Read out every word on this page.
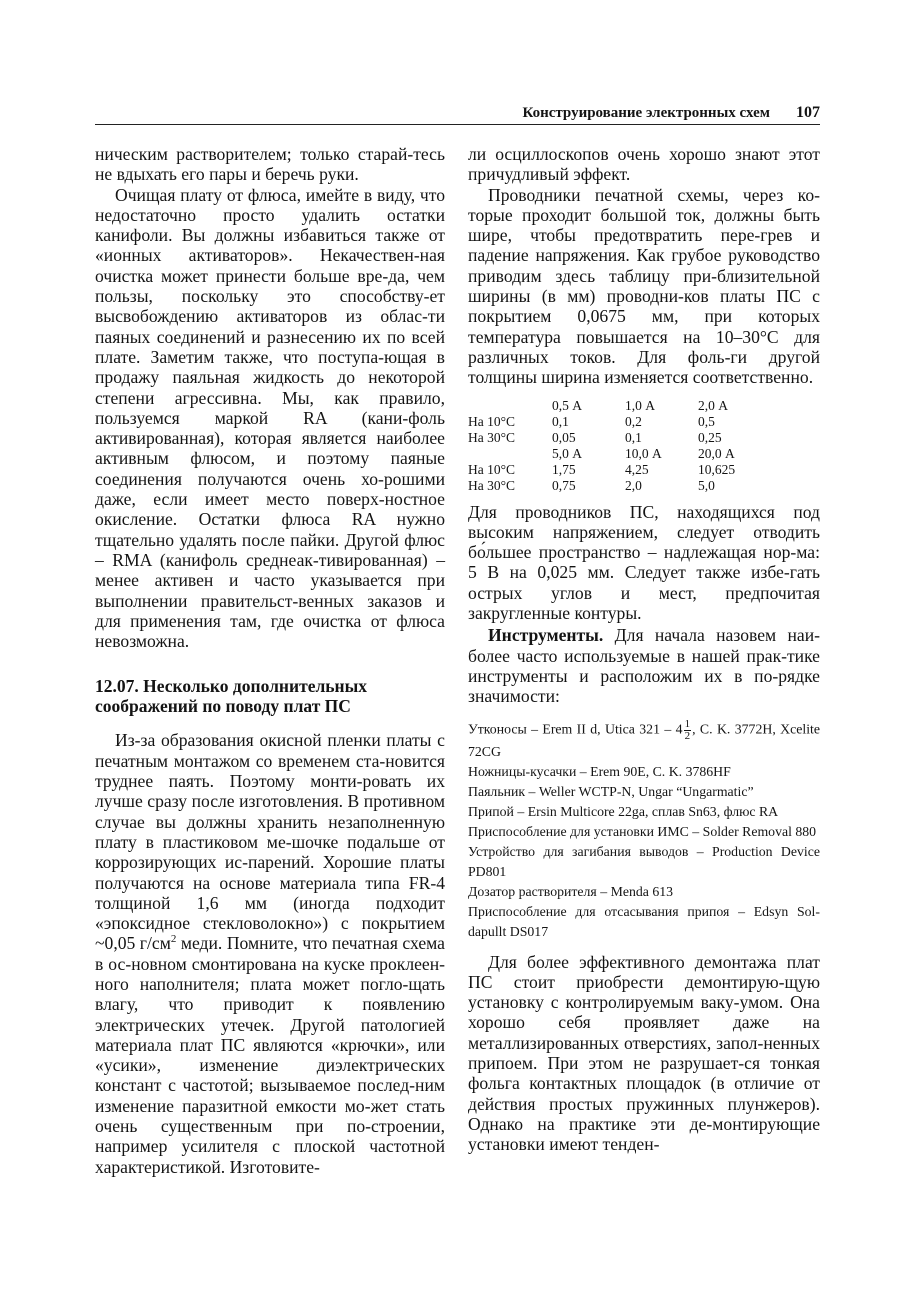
Конструирование электронных схем 107

ническим растворителем; только старай-тесь не вдыхать его пары и беречь руки.

Очищая плату от флюса, имейте в виду, что недостаточно просто удалить остатки канифоли. Вы должны избавиться также от «ионных активаторов». Некачествен-ная очистка может принести больше вре-да, чем пользы, поскольку это способству-ет высвобождению активаторов из облас-ти паяных соединений и разнесению их по всей плате. Заметим также, что поступа-ющая в продажу паяльная жидкость до некоторой степени агрессивна. Мы, как правило, пользуемся маркой RA (кани-фоль активированная), которая является наиболее активным флюсом, и поэтому паяные соединения получаются очень хо-рошими даже, если имеет место поверх-ностное окисление. Остатки флюса RA нужно тщательно удалять после пайки. Другой флюс – RMA (канифоль среднеак-тивированная) – менее активен и часто указывается при выполнении правительст-венных заказов и для применения там, где очистка от флюса невозможна.

12.07. Несколько дополнительных соображений по поводу плат ПС

Из-за образования окисной пленки платы с печатным монтажом со временем ста-новится труднее паять. Поэтому монти-ровать их лучше сразу после изготовления. В противном случае вы должны хранить незаполненную плату в пластиковом ме-шочке подальше от коррозирующих ис-парений. Хорошие платы получаются на основе материала типа FR-4 толщиной 1,6 мм (иногда подходит «эпоксидное стекловолокно») с покрытием ~0,05 $г/см^2$ меди. Помните, что печатная схема в ос-новном смонтирована на куске проклеен-ного наполнителя; плата может погло-щать влагу, что приводит к появлению электрических утечек. Другой патологией материала плат ПС являются «крючки», или «усики», изменение диэлектрических констант с частотой; вызываемое послед-ним изменение паразитной емкости мо-жет стать очень существенным при по-строении, например усилителя с плоской частотной характеристикой. Изготовите-

ли осциллоскопов очень хорошо знают этот причудливый эффект.

Проводники печатной схемы, через ко-торые проходит большой ток, должны быть шире, чтобы предотвратить пере-грев и падение напряжения. Как грубое руководство приводим здесь таблицу при-близительной ширины (в мм) проводни-ков платы ПС с покрытием 0,0675 мм, при которых температура повышается на 10–30°С для различных токов. Для фоль-ги другой толщины ширина изменяется соответственно.

	0,5 А	1,0 А	2,0 А
На 10°С	0,1	0,2	0,5
На 30°С	0,05	0,1	0,25
	5,0 А	10,0 А	20,0 А
На 10°С	1,75	4,25	10,625
На 30°С	0,75	2,0	5,0

Для проводников ПС, находящихся под высоким напряжением, следует отводить бо́льшее пространство – надлежащая нор-ма: 5 В на 0,025 мм. Следует также избе-гать острых углов и мест, предпочитая закругленные контуры.

Инструменты. Для начала назовем наи-более часто используемые в нашей прак-тике инструменты и расположим их в по-рядке значимости:

Утконосы – Erem II d, Utica $321 - 4 \frac{1}{2}$ , C. K. 3772H, Xcelite 72CG
Ножницы-кусачки – Erem 90E, C. K. 3786HF
Паяльник – Weller WCTP-N, Ungar “Ungarmatic”
Припой – Ersin Multicore 22ga, сплав Sn63, флюс RA
Приспособление для установки ИМС – Solder Removal 880
Устройство для загибания выводов – Production Device PD801
Дозатор растворителя – Menda 613
Приспособление для отсасывания припоя – Edsyn Sol-dapullt DS017

Для более эффективного демонтажа плат ПС стоит приобрести демонтирую-щую установку с контролируемым ваку-умом. Она хорошо себя проявляет даже на металлизированных отверстиях, запол-ненных припоем. При этом не разрушает-ся тонкая фольга контактных площадок (в отличие от действия простых пружинных плунжеров). Однако на практике эти де-монтирующие установки имеют тенден-
